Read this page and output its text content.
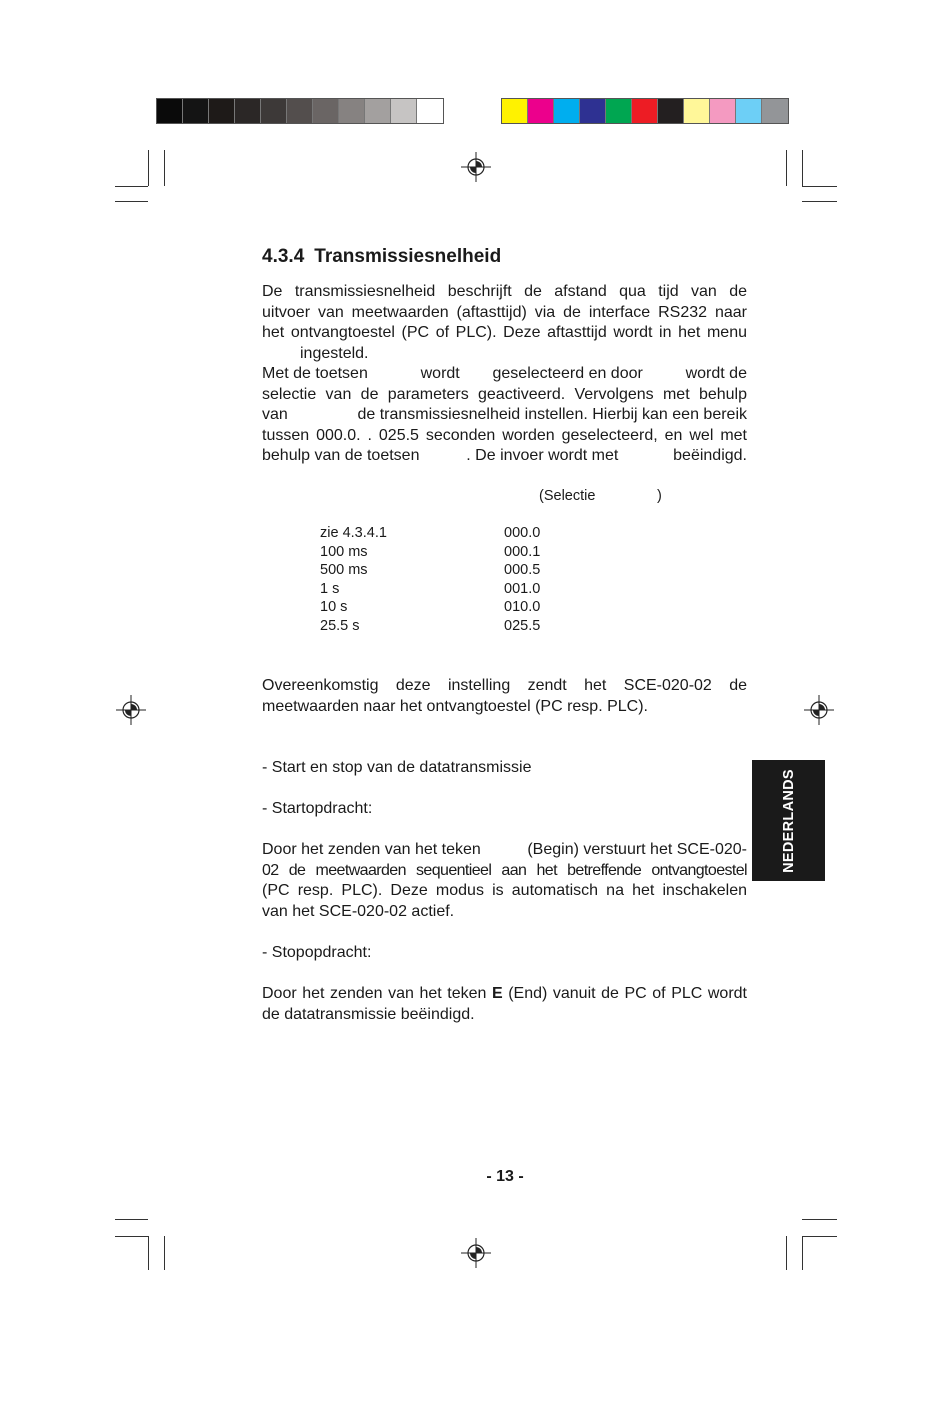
4.3.4 Transmissiesnelheid
De transmissiesnelheid beschrijft de afstand qua tijd van de
uitvoer van meetwaarden (aftasttijd) via de interface RS232 naar
het ontvangtoestel (PC of PLC). Deze aftasttijd wordt in het menu
ingesteld.
Met de toetsen	wordt geselecteerd en door	wordt de
selectie van de parameters geactiveerd. Vervolgens met behulp
van	de transmissiesnelheid instellen. Hierbij kan een bereik
tussen 000.0. . 025.5 seconden worden geselecteerd, en wel met
behulp van de toetsen	. De invoer wordt met	beëindigd.
(Selectie	)
zie 4.3.4.1	000.0
100 ms	000.1
500 ms	000.5
1 s	001.0
10 s	010.0
25.5 s	025.5
Overeenkomstig deze instelling zendt het SCE-020-02 de
meetwaarden naar het ontvangtoestel (PC resp. PLC).
- Start en stop van de datatransmissie
- Startopdracht:
Door het zenden van het teken	(Begin) verstuurt het SCE-020-
02 de meetwaarden sequentieel aan het betreffende ontvangtoestel
(PC resp. PLC). Deze modus is automatisch na het inschakelen
van het SCE-020-02 actief.
- Stopopdracht:
Door het zenden van het teken E (End) vanuit de PC of PLC wordt
de datatransmissie beëindigd.
NEDERLANDS
- 13 -
